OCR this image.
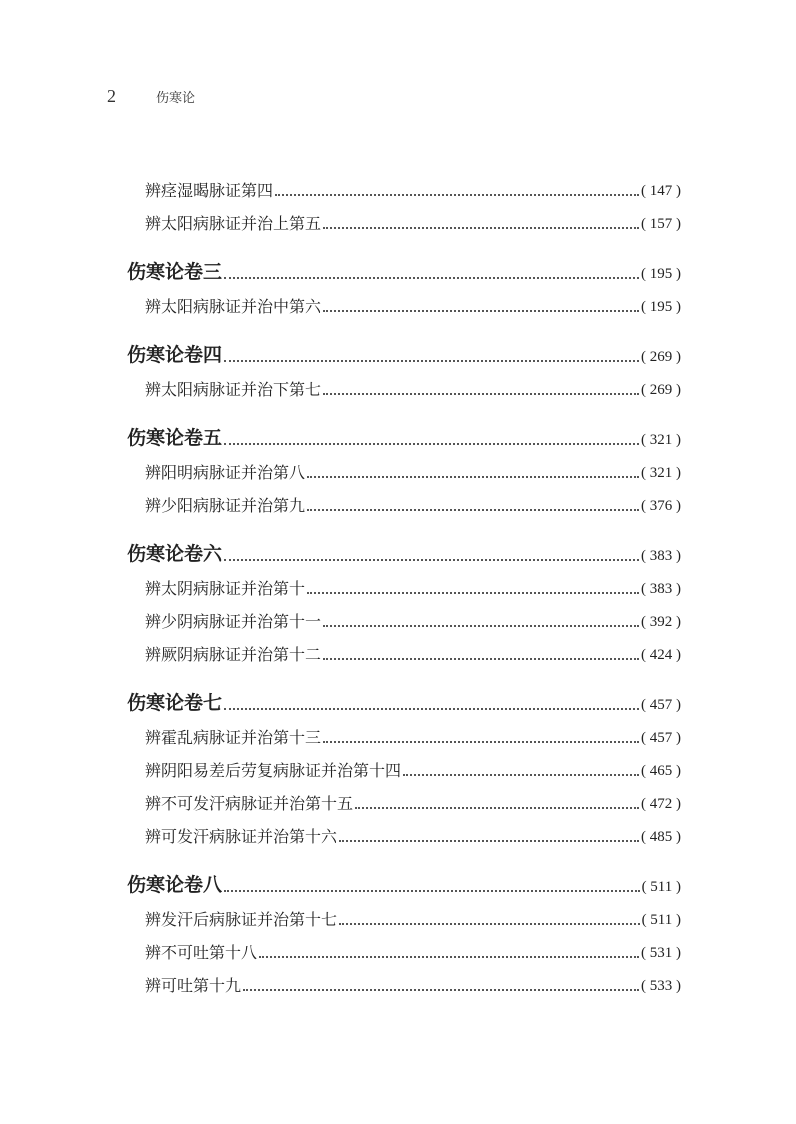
2	伤寒论
辨痉湿暍脉证第四	( 147 )
辨太阳病脉证并治上第五	( 157 )
伤寒论卷三	( 195 )
辨太阳病脉证并治中第六	( 195 )
伤寒论卷四	( 269 )
辨太阳病脉证并治下第七	( 269 )
伤寒论卷五	( 321 )
辨阳明病脉证并治第八	( 321 )
辨少阳病脉证并治第九	( 376 )
伤寒论卷六	( 383 )
辨太阴病脉证并治第十	( 383 )
辨少阴病脉证并治第十一	( 392 )
辨厥阴病脉证并治第十二	( 424 )
伤寒论卷七	( 457 )
辨霍乱病脉证并治第十三	( 457 )
辨阴阳易差后劳复病脉证并治第十四	( 465 )
辨不可发汗病脉证并治第十五	( 472 )
辨可发汗病脉证并治第十六	( 485 )
伤寒论卷八	( 511 )
辨发汗后病脉证并治第十七	( 511 )
辨不可吐第十八	( 531 )
辨可吐第十九	( 533 )
